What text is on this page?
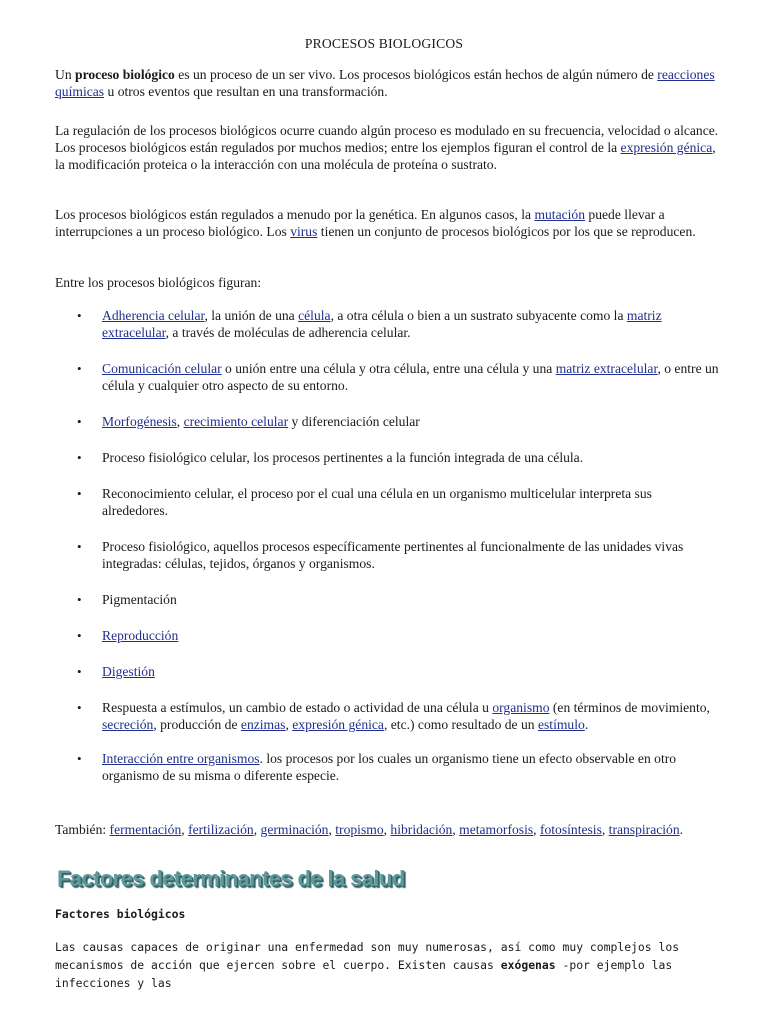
PROCESOS BIOLOGICOS

Un proceso biológico es un proceso de un ser vivo. Los procesos biológicos están hechos de algún número de reacciones químicas u otros eventos que resultan en una transformación.

La regulación de los procesos biológicos ocurre cuando algún proceso es modulado en su frecuencia, velocidad o alcance. Los procesos biológicos están regulados por muchos medios; entre los ejemplos figuran el control de la expresión génica, la modificación proteica o la interacción con una molécula de proteína o sustrato.

Los procesos biológicos están regulados a menudo por la genética. En algunos casos, la mutación puede llevar a interrupciones a un proceso biológico. Los virus tienen un conjunto de procesos biológicos por los que se reproducen.

Entre los procesos biológicos figuran:

• Adherencia celular, la unión de una célula, a otra célula o bien a un sustrato subyacente como la matriz extracelular, a través de moléculas de adherencia celular.
• Comunicación celular o unión entre una célula y otra célula, entre una célula y una matriz extracelular, o entre un célula y cualquier otro aspecto de su entorno.
• Morfogénesis, crecimiento celular y diferenciación celular
• Proceso fisiológico celular, los procesos pertinentes a la función integrada de una célula.
• Reconocimiento celular, el proceso por el cual una célula en un organismo multicelular interpreta sus alrededores.
• Proceso fisiológico, aquellos procesos específicamente pertinentes al funcionalmente de las unidades vivas integradas: células, tejidos, órganos y organismos.
• Pigmentación
• Reproducción
• Digestión
• Respuesta a estímulos, un cambio de estado o actividad de una célula u organismo (en términos de movimiento, secreción, producción de enzimas, expresión génica, etc.) como resultado de un estímulo.
• Interacción entre organismos. los procesos por los cuales un organismo tiene un efecto observable en otro organismo de su misma o diferente especie.

También: fermentación, fertilización, germinación, tropismo, hibridación, metamorfosis, fotosíntesis, transpiración.

Factores determinantes de la salud
Factores biológicos

Las causas capaces de originar una enfermedad son muy numerosas, así como muy complejos los mecanismos de acción que ejercen sobre el cuerpo. Existen causas exógenas -por ejemplo las infecciones y las
